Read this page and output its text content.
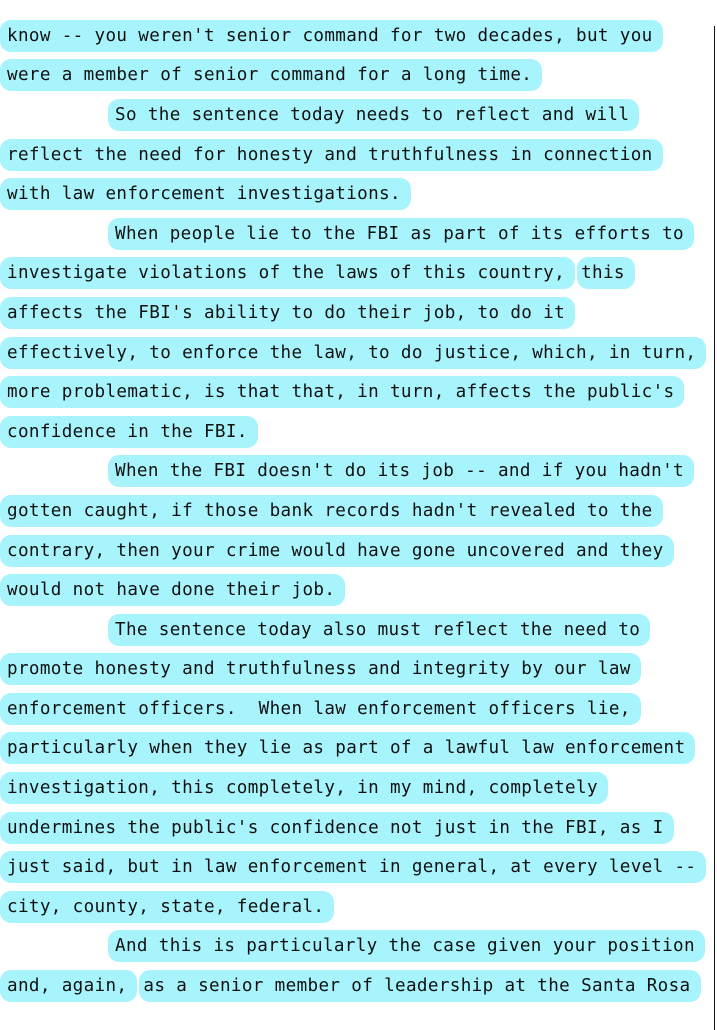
know -- you weren't senior command for two decades, but you
were a member of senior command for a long time.
So the sentence today needs to reflect and will
reflect the need for honesty and truthfulness in connection
with law enforcement investigations.
When people lie to the FBI as part of its efforts to
investigate violations of the laws of this country, this
affects the FBI's ability to do their job, to do it
effectively, to enforce the law, to do justice, which, in turn,
more problematic, is that that, in turn, affects the public's
confidence in the FBI.
When the FBI doesn't do its job -- and if you hadn't
gotten caught, if those bank records hadn't revealed to the
contrary, then your crime would have gone uncovered and they
would not have done their job.
The sentence today also must reflect the need to
promote honesty and truthfulness and integrity by our law
enforcement officers.  When law enforcement officers lie,
particularly when they lie as part of a lawful law enforcement
investigation, this completely, in my mind, completely
undermines the public's confidence not just in the FBI, as I
just said, but in law enforcement in general, at every level --
city, county, state, federal.
And this is particularly the case given your position
and, again, as a senior member of leadership at the Santa Rosa
